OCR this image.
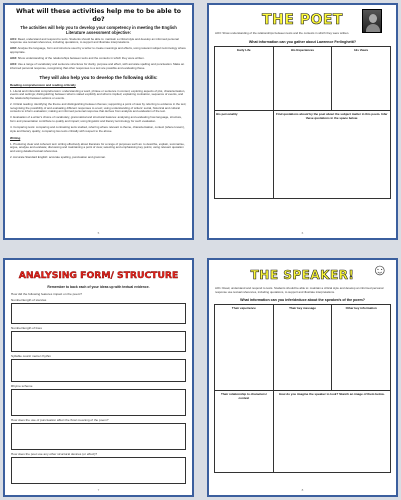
What will these activities help me to be able to do?
The activities will help you to develop your competency in meeting the English Literature assessment objective:
AO1: Read, understand and respond to texts. Students should be able to: maintain a critical style and develop an informed personal response use textual references, including quotations, to support and illustrate interpretations.
AO2: Analyse the language, form and structure used by a writer to create meanings and effects, using relevant subject terminology where appropriate.
AO3: Show understanding of the relationships between texts and the contexts in which they were written.
AO4: Use a range of vocabulary and sentence structures for clarity, purpose and effect, with accurate spelling and punctuation. Make an informed personal response, recognising that other responses to a text are possible and evaluating these.
They will also help you to develop the following skills:
Reading comprehension and reading critically
1. Literal and inferential comprehension: understanding a word, phrase or sentence in context; exploring aspects of plot, characterisation, events and settings; distinguishing between what is stated explicitly and what is implied; explaining motivation, sequence of events, and the relationship between actions or events.
2. Critical reading: identifying the theme and distinguishing between themes; supporting a point of view by referring to evidence in the text; recognising the possibility of and evaluating different responses to a text; using understanding of writers' social, historical and cultural contexts to inform evaluation; making an informed personal response that derives from analysis and evaluation of the text.
3. Evaluation of a writer's choice of vocabulary, grammatical and structural features: analysing and evaluating how language, structure, form and presentation contribute to quality and impact; using linguistic and literary terminology for such evaluation.
4. Comparing texts: comparing and contrasting texts studied, referring where relevant to theme, characterisation, context (where known), style and literary quality; comparing two texts critically with respect to the above.
Writing
1. Producing clear and coherent text: writing effectively about literature for a range of purposes such as: to describe, explain, summarise, argue, analyse and evaluate; discussing and maintaining a point of view; selecting and emphasising key points; using relevant quotation and using detailed textual references.
2. Accurate Standard English: accurate spelling, punctuation and grammar.
5
THE POET
AO3: Show understanding of the relationships between texts and the contexts in which they were written.
What information can you gather about Lawrence Ferlinghetti?
Early Life	His Experiences	His Views
His personality	Find quotations about/ by the poet about the subject matter in this poem. Infer these quotations in the space below.	
6
ANALYSING FORM/ STRUCTURE
Remember to back each of your ideas up with textual evidence.
How did the following features impact on the poem?
Number/length of stanzas
Number/length of lines
Syllable count/ metre/ rhythm
Rhyme scheme
How does the use of punctuation affect the flow/ meaning of the poem?
How does the poet use any other structural devices (or effect)?
7
THE SPEAKER! ☺
AO1: Read, understand and respond to texts. Students should be able to: maintain a critical style and develop an informed personal response use textual references, including quotations, to support and illustrate interpretations.
What information can you infer/deduce about the speaker/s of the poem?
Their experience	Their key message	Other key information
Their relationship to characters/ context	How do you imagine the speaker to look? Sketch an image of them below.	
8
